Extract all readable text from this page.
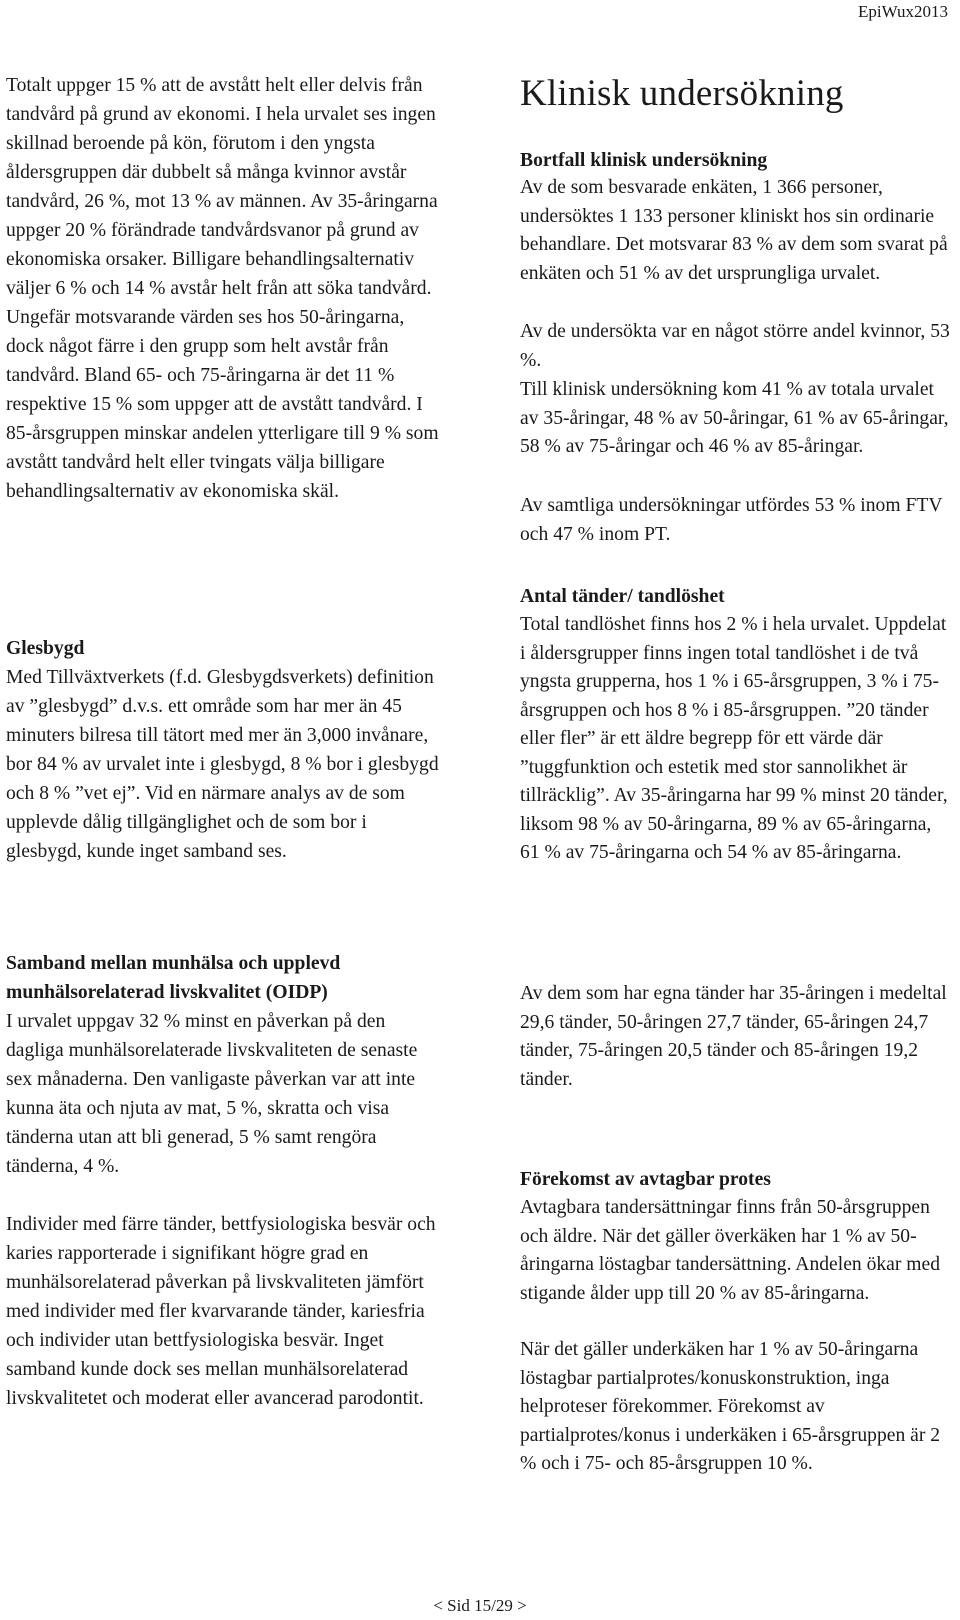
EpiWux2013

Totalt uppger 15 % att de avstått helt eller delvis från tandvård på grund av ekonomi. I hela urvalet ses ingen skillnad beroende på kön, förutom i den yngsta åldersgruppen där dubbelt så många kvinnor avstår tandvård, 26 %, mot 13 % av männen. Av 35-åringarna uppger 20 % förändrade tandvårdsvanor på grund av ekonomiska orsaker. Billigare behandlingsalternativ väljer 6 % och 14 % avstår helt från att söka tandvård. Ungefär motsvarande värden ses hos 50-åringarna, dock något färre i den grupp som helt avstår från tandvård. Bland 65- och 75-åringarna är det 11 % respektive 15 % som uppger att de avstått tandvård. I 85-årsgruppen minskar andelen ytterligare till 9 % som avstått tandvård helt eller tvingats välja billigare behandlingsalternativ av ekonomiska skäl.

Glesbygd

Med Tillväxtverkets (f.d. Glesbygdsverkets) definition av ”glesbygd” d.v.s. ett område som har mer än 45 minuters bilresa till tätort med mer än 3,000 invånare, bor 84 % av urvalet inte i glesbygd, 8 % bor i glesbygd och 8 % ”vet ej”. Vid en närmare analys av de som upplevde dålig tillgänglighet och de som bor i glesbygd, kunde inget samband ses.

Samband mellan munhälsa och upplevd munhälsorelaterad livskvalitet (OIDP)

I urvalet uppgav 32 % minst en påverkan på den dagliga munhälsorelaterade livskvaliteten de senaste sex månaderna. Den vanligaste påverkan var att inte kunna äta och njuta av mat, 5 %, skratta och visa tänderna utan att bli generad, 5 % samt rengöra tänderna, 4 %.

Individer med färre tänder, bettfysiologiska besvär och karies rapporterade i signifikant högre grad en munhälsorelaterad påverkan på livskvaliteten jämfört med individer med fler kvarvarande tänder, kariesfria och individer utan bettfysiologiska besvär. Inget samband kunde dock ses mellan munhälsorelaterad livskvalitetet och moderat eller avancerad parodontit.

Klinisk undersökning

Bortfall klinisk undersökning

Av de som besvarade enkäten, 1 366 personer, undersöktes 1 133 personer kliniskt hos sin ordinarie behandlare. Det motsvarar 83 % av dem som svarat på enkäten och 51 % av det ursprungliga urvalet.

Av de undersökta var en något större andel kvinnor, 53 %.

Till klinisk undersökning kom 41 % av totala urvalet av 35-åringar, 48 % av 50-åringar, 61 % av 65-åringar, 58 % av 75-åringar och 46 % av 85-åringar.

Av samtliga undersökningar utfördes 53 % inom FTV och 47 % inom PT.

Antal tänder/ tandlöshet

Total tandlöshet finns hos 2 % i hela urvalet. Uppdelat i åldersgrupper finns ingen total tandlöshet i de två yngsta grupperna, hos 1 % i 65-årsgruppen, 3 % i 75-årsgruppen och hos 8 % i 85-årsgruppen. ”20 tänder eller fler” är ett äldre begrepp för ett värde där ”tuggfunktion och estetik med stor sannolikhet är tillräcklig”. Av 35-åringarna har 99 % minst 20 tänder, liksom 98 % av 50-åringarna, 89 % av 65-åringarna, 61 % av 75-åringarna och 54 % av 85-åringarna.

Av dem som har egna tänder har 35-åringen i medeltal 29,6 tänder, 50-åringen 27,7 tänder, 65-åringen 24,7 tänder, 75-åringen 20,5 tänder och 85-åringen 19,2 tänder.

Förekomst av avtagbar protes

Avtagbara tandersättningar finns från 50-årsgruppen och äldre. När det gäller överkäken har 1 % av 50-åringarna löstagbar tandersättning. Andelen ökar med stigande ålder upp till 20 % av 85-åringarna.

När det gäller underkäken har 1 % av 50-åringarna löstagbar partialprotes/konuskonstruktion, inga helproteser förekommer. Förekomst av partialprotes/konus i underkäken i 65-årsgruppen är 2 % och i 75- och 85-årsgruppen 10 %.

< Sid 15/29 >
